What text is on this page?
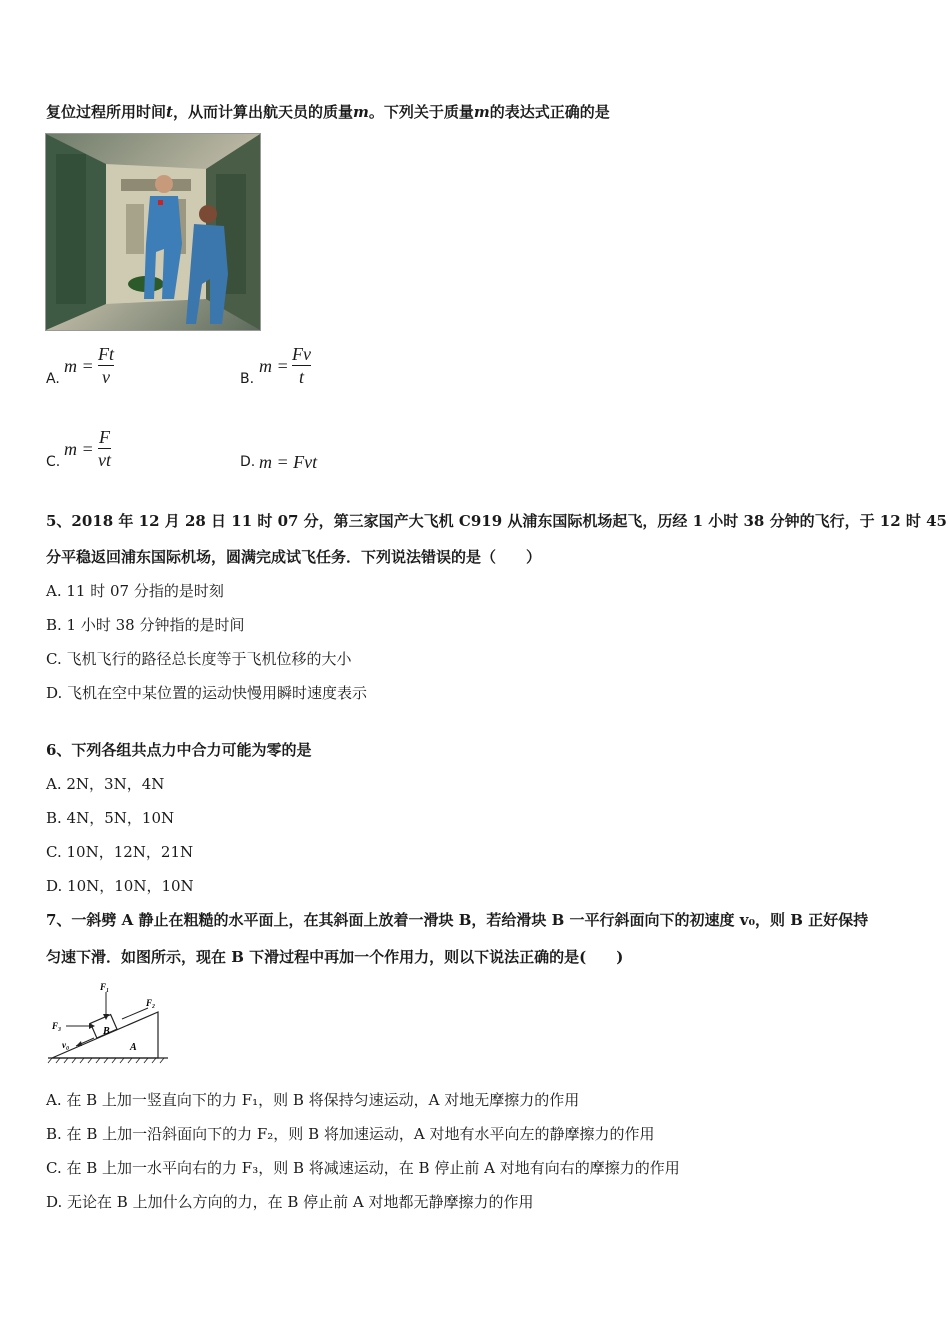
复位过程所用时间t，从而计算出航天员的质量m。下列关于质量m的表达式正确的是
A.
m =
Ft
v	B.
m =
Fv
t
C.
m =
F
vt	D. m = Fvt
5、2018 年 12 月 28 日 11 时 07 分，第三家国产大飞机 C919 从浦东国际机场起飞，历经 1 小时 38 分钟的飞行，于 12 时 45
分平稳返回浦东国际机场，圆满完成试飞任务．下列说法错误的是（　　）
A. 11 时 07 分指的是时刻
B. 1 小时 38 分钟指的是时间
C. 飞机飞行的路径总长度等于飞机位移的大小
D. 飞机在空中某位置的运动快慢用瞬时速度表示
6、下列各组共点力中合力可能为零的是
A. 2N，3N，4N
B. 4N，5N，10N
C. 10N，12N，21N
D. 10N，10N，10N
7、一斜劈 A 静止在粗糙的水平面上，在其斜面上放着一滑块 B，若给滑块 B 一平行斜面向下的初速度 v₀，则 B 正好保持
匀速下滑．如图所示，现在 B 下滑过程中再加一个作用力，则以下说法正确的是(　　)
B
A
F₁
F₂
F₃
v₀
A. 在 B 上加一竖直向下的力 F₁，则 B 将保持匀速运动，A 对地无摩擦力的作用
B. 在 B 上加一沿斜面向下的力 F₂，则 B 将加速运动，A 对地有水平向左的静摩擦力的作用
C. 在 B 上加一水平向右的力 F₃，则 B 将减速运动，在 B 停止前 A 对地有向右的摩擦力的作用
D. 无论在 B 上加什么方向的力，在 B 停止前 A 对地都无静摩擦力的作用
